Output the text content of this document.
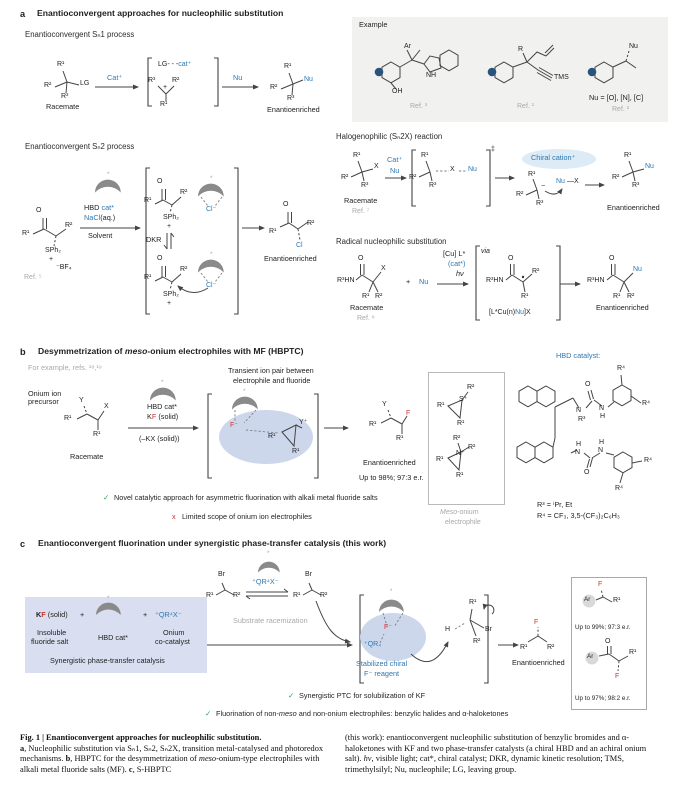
a Enantioconvergent approaches for nucleophilic substitution
Enantioconvergent Sₙ1 process
R¹
R²	LG
R³
Racemate
Cat⁺
LG- - -cat⁺
R³
+
R²
R¹
Nu
R¹
R²
Nu
R³
Enantioenriched
Example
Ar
OH
NH
Ref. ³
R
TMS
Ref. ¹
Nu
Nu = [O], [N], [C]
Ref. ²
Enantioconvergent Sₙ2 process
O
R¹
R²
SPh₂
+
⁻BF₄
Ref. ⁵
*
HBD cat*
NaCl(aq.)
Solvent
O
R¹
R²
SPh₂
+
*
Cl⁻
DKR
O
R¹
R²
SPh₂
+
*
Cl⁻
O
R¹
R²
Cl
Enantioenriched
Halogenophilic (Sₙ2X) reaction
R¹
R²
X
R³
Racemate
Ref. ⁷
Cat⁺
Nu
R¹
R²
R³
X Nu
‡
Chiral cation⁺
R¹
R²
R³
−
Nu —X
R¹
R²
Nu
R³
Enantioenriched
Radical nucleophilic substitution
R³HN
O
X
R¹ R²
Racemate
Ref. ⁸
+ Nu
[Cu] L*
(cat*)
hν
via
R³HN
O
R²
R¹
[L*Cu(n)Nu]X
R³HN
O
Nu
R¹ R²
Enantioenriched
b Desymmetrization of meso-onium electrophiles with MF (HBPTC)
For example, refs. ¹⁸,¹⁹
Onium ion precursor	Y
R¹
X
R¹
Racemate
*
HBD cat*
KF (solid)
(–KX (solid))
Transient ion pair between
electrophile and fluoride
*
F⁻
R¹
Y⁺
R¹
Y
R¹
F
R¹
Enantioenriched
Up to 98%; 97:3 e.r.
R²
S⁺
R¹
R¹
R²
R²
N⁺
R¹
R¹
Meso-onium
electrophile
HBD catalyst:
N
R³
O
N
H
R⁴
R⁴
H
N
H
N
O
R⁴
R⁴
R³ = ⁱPr, Et
R⁴ = CF₃, 3,5-(CF₃)₂C₆H₃
✓ Novel catalytic approach for asymmetric fluorination with alkali metal fluoride salts
x Limited scope of onium ion electrophiles
c Enantioconvergent fluorination under synergistic phase-transfer catalysis (this work)
KF (solid) +
*
+ ⁺QR⁴X⁻
Insoluble
fluoride salt	HBD cat*
Onium
co-catalyst
Synergistic phase-transfer catalysis
Br
R¹	R²
*
⁺QR⁴X⁻
Br
R¹	R²
Substrate racemization
*
F⁻
⁺QR₄
Stabilized chiral
F⁻ reagent
R¹
H	Br
R²
F
R¹	R²
Enantioenriched
F
Ar	R¹
Up to 99%; 97:3 e.r.
O
Ar
R¹
F
Up to 97%; 98:2 e.r.
✓ Synergistic PTC for solubilization of KF
✓ Fluorination of non-meso and non-onium electrophiles: benzylic halides and α-haloketones
Fig. 1 | Enantioconvergent approaches for nucleophilic substitution.
a, Nucleophilic substitution via Sₙ1, Sₙ2, Sₙ2X, transition metal-catalysed and photoredox mechanisms. b, HBPTC for the desymmetrization of meso-onium-type electrophiles with alkali metal fluoride salts (MF). c, S-HBPTC
(this work): enantioconvergent nucleophilic substitution of benzylic bromides and α-haloketones with KF and two phase-transfer catalysts (a chiral HBD and an achiral onium salt). hν, visible light; cat*, chiral catalyst; DKR, dynamic kinetic resolution; TMS, trimethylsilyl; Nu, nucleophile; LG, leaving group.
